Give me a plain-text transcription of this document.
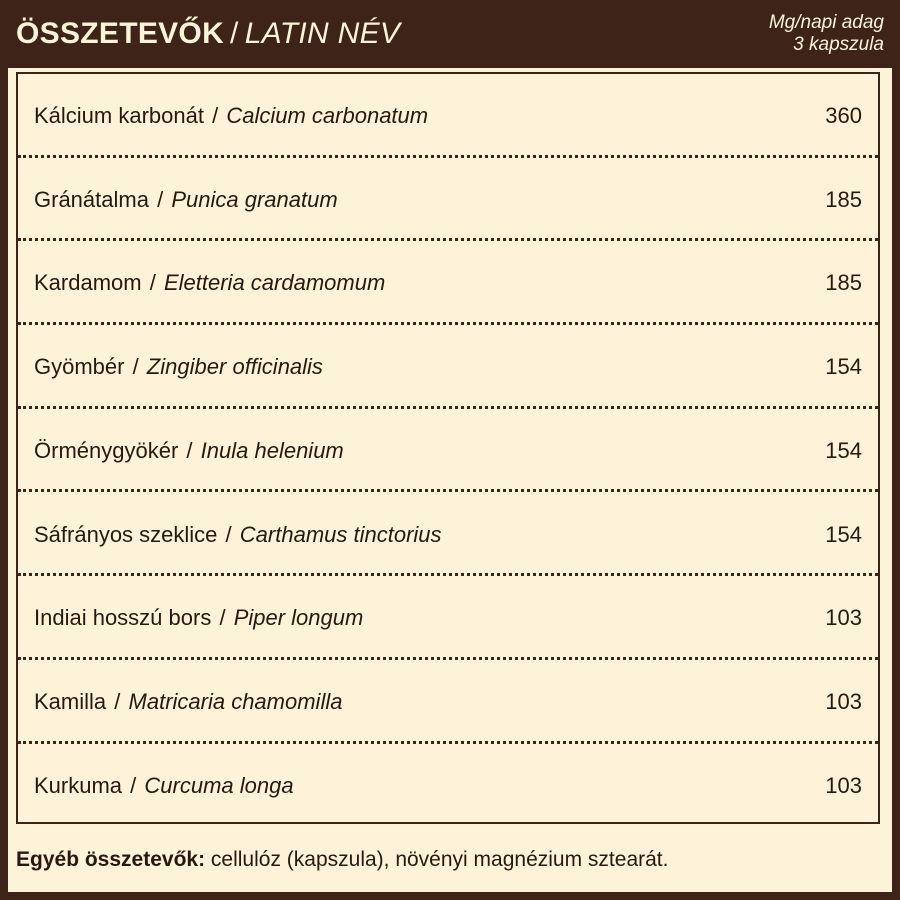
ÖSSZETEVŐK / LATIN NÉV	Mg/napi adag
3 kapszula
Kálcium karbonát / Calcium carbonatum	360
Gránátalma / Punica granatum	185
Kardamom / Eletteria cardamomum	185
Gyömbér / Zingiber officinalis	154
Örménygyökér / Inula helenium	154
Sáfrányos szeklice / Carthamus tinctorius	154
Indiai hosszú bors / Piper longum	103
Kamilla / Matricaria chamomilla	103
Kurkuma / Curcuma longa	103
Egyéb összetevők: cellulóz (kapszula), növényi magnézium sztearát.
